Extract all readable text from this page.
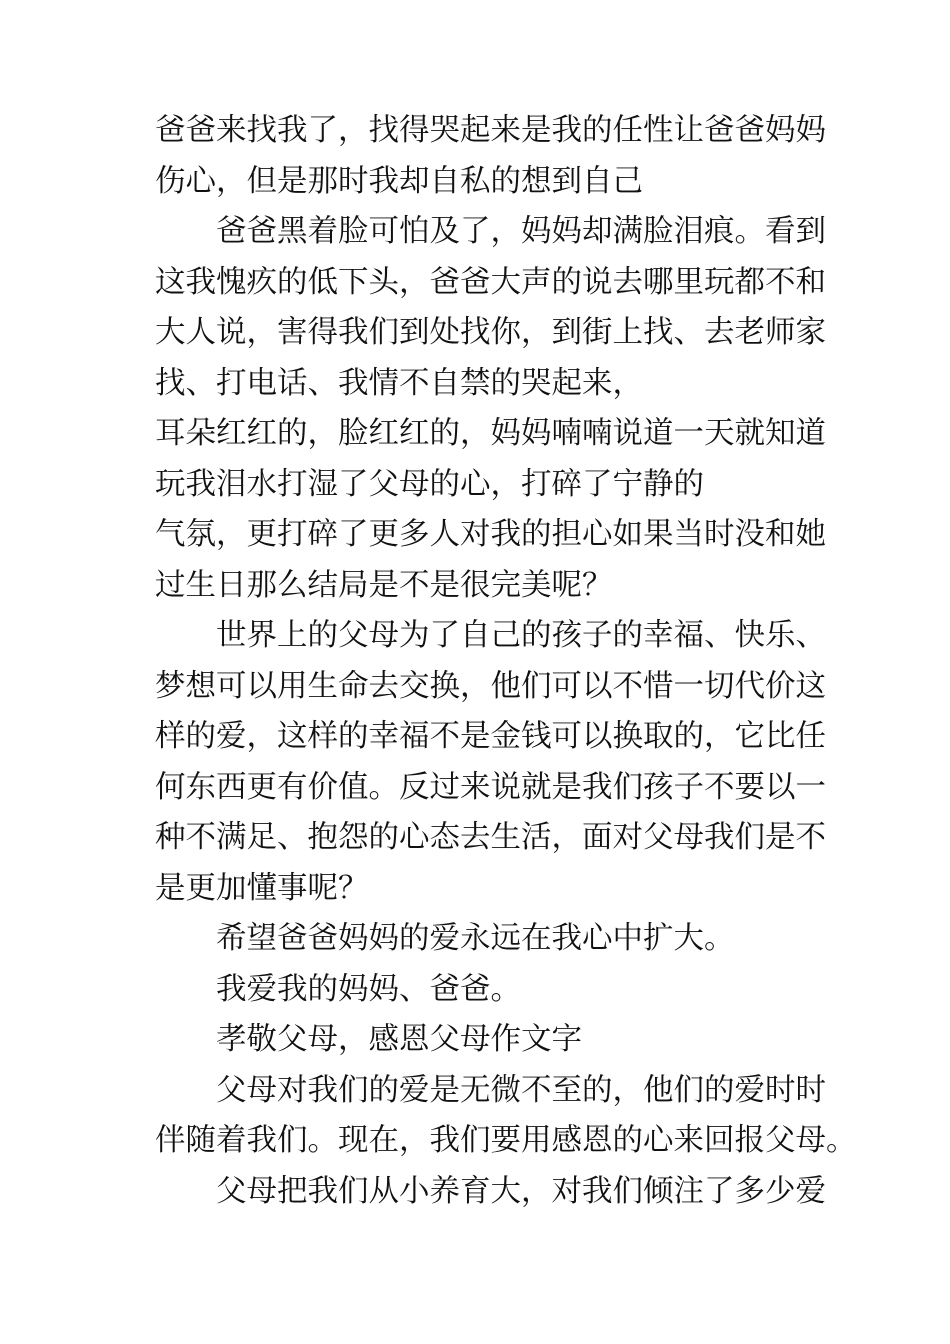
爸爸来找我了，找得哭起来是我的任性让爸爸妈妈
伤心，但是那时我却自私的想到自己
爸爸黑着脸可怕及了，妈妈却满脸泪痕。看到
这我愧疚的低下头，爸爸大声的说去哪里玩都不和
大人说，害得我们到处找你，到街上找、去老师家
找、打电话、我情不自禁的哭起来，
耳朵红红的，脸红红的，妈妈喃喃说道一天就知道
玩我泪水打湿了父母的心，打碎了宁静的
气氛，更打碎了更多人对我的担心如果当时没和她
过生日那么结局是不是很完美呢？
世界上的父母为了自己的孩子的幸福、快乐、
梦想可以用生命去交换，他们可以不惜一切代价这
样的爱，这样的幸福不是金钱可以换取的，它比任
何东西更有价值。反过来说就是我们孩子不要以一
种不满足、抱怨的心态去生活，面对父母我们是不
是更加懂事呢？
希望爸爸妈妈的爱永远在我心中扩大。
我爱我的妈妈、爸爸。
孝敬父母，感恩父母作文字
父母对我们的爱是无微不至的，他们的爱时时
伴随着我们。现在，我们要用感恩的心来回报父母。
父母把我们从小养育大，对我们倾注了多少爱
